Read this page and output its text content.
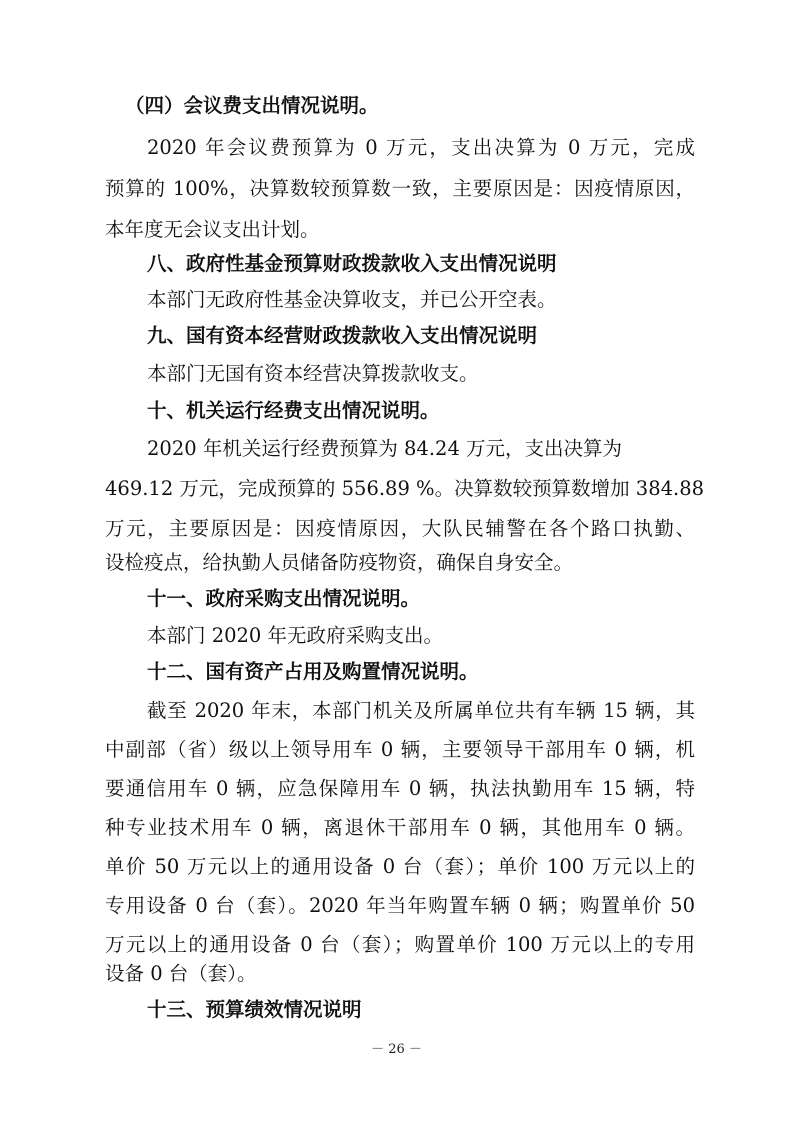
（四）会议费支出情况说明。
2020 年会议费预算为 0 万元，支出决算为 0 万元，完成
预算的 100%，决算数较预算数一致，主要原因是：因疫情原因，
本年度无会议支出计划。
八、政府性基金预算财政拨款收入支出情况说明
本部门无政府性基金决算收支，并已公开空表。
九、国有资本经营财政拨款收入支出情况说明
本部门无国有资本经营决算拨款收支。
十、机关运行经费支出情况说明。
2020 年机关运行经费预算为 84.24 万元，支出决算为
469.12 万元，完成预算的 556.89 %。决算数较预算数增加 384.88
万元，主要原因是：因疫情原因，大队民辅警在各个路口执勤、
设检疫点，给执勤人员储备防疫物资，确保自身安全。
十一、政府采购支出情况说明。
本部门 2020 年无政府采购支出。
十二、国有资产占用及购置情况说明。
截至 2020 年末，本部门机关及所属单位共有车辆 15 辆，其
中副部（省）级以上领导用车 0 辆，主要领导干部用车 0 辆，机
要通信用车 0 辆，应急保障用车 0 辆，执法执勤用车 15 辆，特
种专业技术用车 0 辆，离退休干部用车 0 辆，其他用车 0 辆。
单价 50 万元以上的通用设备 0 台（套）；单价 100 万元以上的
专用设备 0 台（套）。2020 年当年购置车辆 0 辆；购置单价 50
万元以上的通用设备 0 台（套）；购置单价 100 万元以上的专用
设备 0 台（套）。
十三、预算绩效情况说明
－ 26 －
